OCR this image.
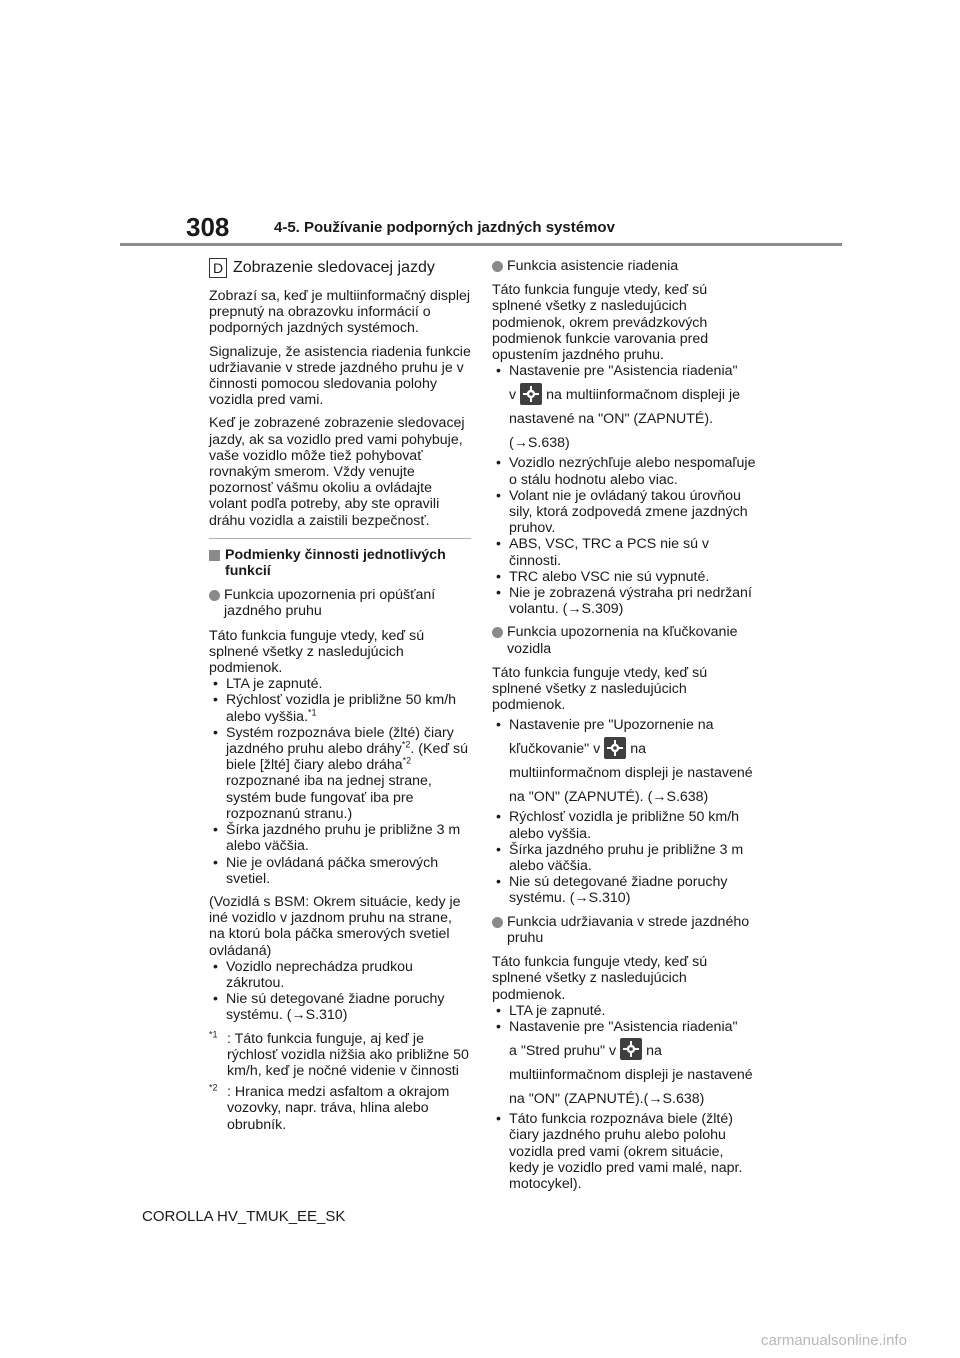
308	4-5. Používanie podporných jazdných systémov
D Zobrazenie sledovacej jazdy

Zobrazí sa, keď je multiinformačný displej prepnutý na obrazovku informácií o podporných jazdných systémoch.

Signalizuje, že asistencia riadenia funkcie udržiavanie v strede jazdného pruhu je v činnosti pomocou sledovania polohy vozidla pred vami.

Keď je zobrazené zobrazenie sledovacej jazdy, ak sa vozidlo pred vami pohybuje, vaše vozidlo môže tiež pohybovať rovnakým smerom. Vždy venujte pozornosť vášmu okoliu a ovládajte volant podľa potreby, aby ste opravili dráhu vozidla a zaistili bezpečnosť.

Podmienky činnosti jednotlivých funkcií
Funkcia upozornenia pri opúšťaní jazdného pruhu

Táto funkcia funguje vtedy, keď sú splnené všetky z nasledujúcich podmienok.

• LTA je zapnuté.
• Rýchlosť vozidla je približne 50 km/h alebo vyššia.$^{*1}$
• Systém rozpoznáva biele (žlté) čiary jazdného pruhu alebo dráhy$^{*2}$. (Keď sú biele [žlté] čiary alebo dráha$^{*2}$ rozpoznané iba na jednej strane, systém bude fungovať iba pre rozpoznanú stranu.)
• Šírka jazdného pruhu je približne 3 m alebo väčšia.
• Nie je ovládaná páčka smerových svetiel.

(Vozidlá s BSM: Okrem situácie, kedy je iné vozidlo v jazdnom pruhu na strane, na ktorú bola páčka smerových svetiel ovládaná)

• Vozidlo neprechádza prudkou zákrutou.
• Nie sú detegované žiadne poruchy systému. (→S.310)
$^{*1}$ : Táto funkcia funguje, aj keď je rýchlosť vozidla nižšia ako približne 50 km/h, keď je nočné videnie v činnosti
$^{*2}$ : Hranica medzi asfaltom a okrajom vozovky, napr. tráva, hlina alebo obrubník.
Funkcia asistencie riadenia

Táto funkcia funguje vtedy, keď sú splnené všetky z nasledujúcich podmienok, okrem prevádzkových podmienok funkcie varovania pred opustením jazdného pruhu.

• Nastavenie pre "Asistencia riadenia"
v na multiinformačnom displeji je nastavené na "ON" (ZAPNUTÉ). (→S.638)
• Vozidlo nezrýchľuje alebo nespomaľuje o stálu hodnotu alebo viac.
• Volant nie je ovládaný takou úrovňou sily, ktorá zodpovedá zmene jazdných pruhov.
• ABS, VSC, TRC a PCS nie sú v činnosti.
• TRC alebo VSC nie sú vypnuté.
• Nie je zobrazená výstraha pri nedržaní volantu. (→S.309)
Funkcia upozornenia na kľučkovanie vozidla

Táto funkcia funguje vtedy, keď sú splnené všetky z nasledujúcich podmienok.

• Nastavenie pre "Upozornenie na kľučkovanie" v na multiinformačnom displeji je nastavené na "ON" (ZAPNUTÉ). (→S.638)
• Rýchlosť vozidla je približne 50 km/h alebo vyššia.
• Šírka jazdného pruhu je približne 3 m alebo väčšia.
• Nie sú detegované žiadne poruchy systému. (→S.310)
Funkcia udržiavania v strede jazdného pruhu

Táto funkcia funguje vtedy, keď sú splnené všetky z nasledujúcich podmienok.

• LTA je zapnuté.
• Nastavenie pre "Asistencia riadenia"
a "Stred pruhu" v na multiinformačnom displeji je nastavené na "ON" (ZAPNUTÉ).(→S.638)
• Táto funkcia rozpoznáva biele (žlté) čiary jazdného pruhu alebo polohu vozidla pred vami (okrem situácie, kedy je vozidlo pred vami malé, napr. motocykel).
COROLLA HV_TMUK_EE_SK
carmanualsonline.info
